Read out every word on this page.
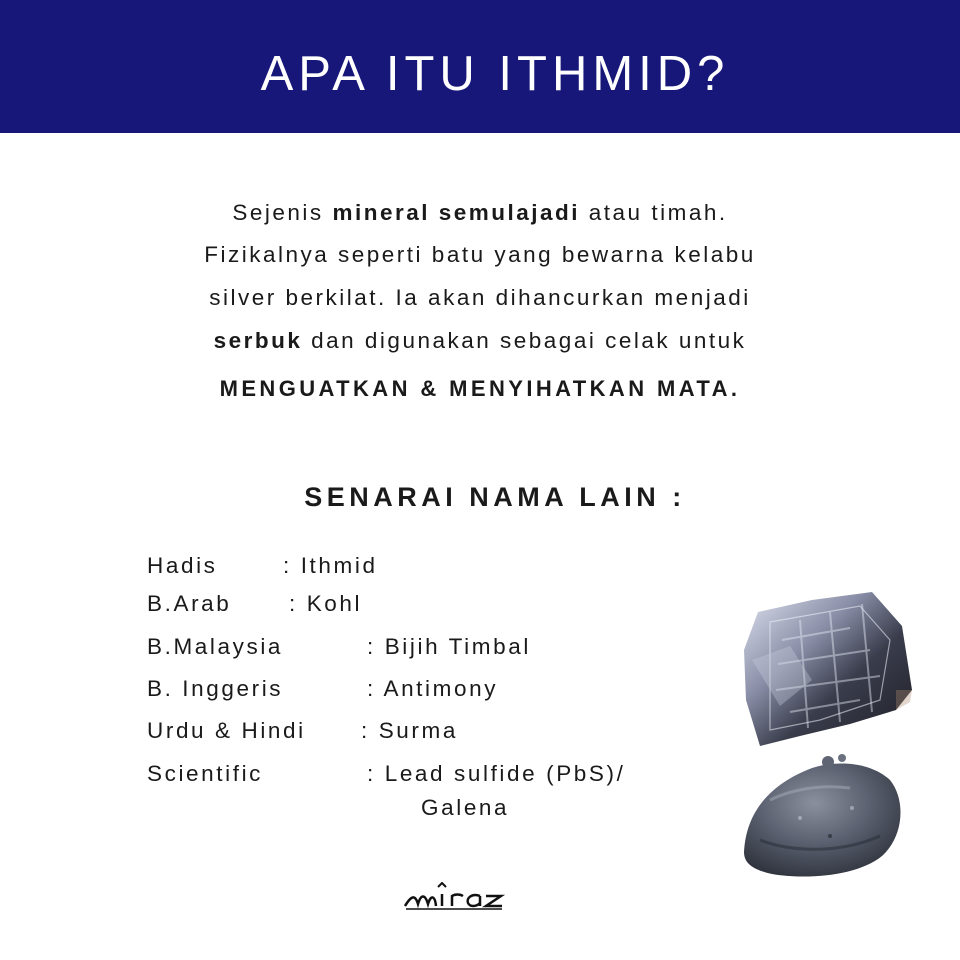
APA ITU ITHMID?
Sejenis mineral semulajadi atau timah.
Fizikalnya seperti batu yang bewarna kelabu
silver berkilat. Ia akan dihancurkan menjadi
serbuk dan digunakan sebagai celak untuk
MENGUATKAN & MENYIHATKAN MATA.
SENARAI NAMA LAIN :
Hadis	: Ithmid
B.Arab	: Kohl
B.Malaysia	: Bijih Timbal
B. Inggeris	: Antimony
Urdu & Hindi : Surma
Scientific	: Lead sulfide (PbS)/
Galena
